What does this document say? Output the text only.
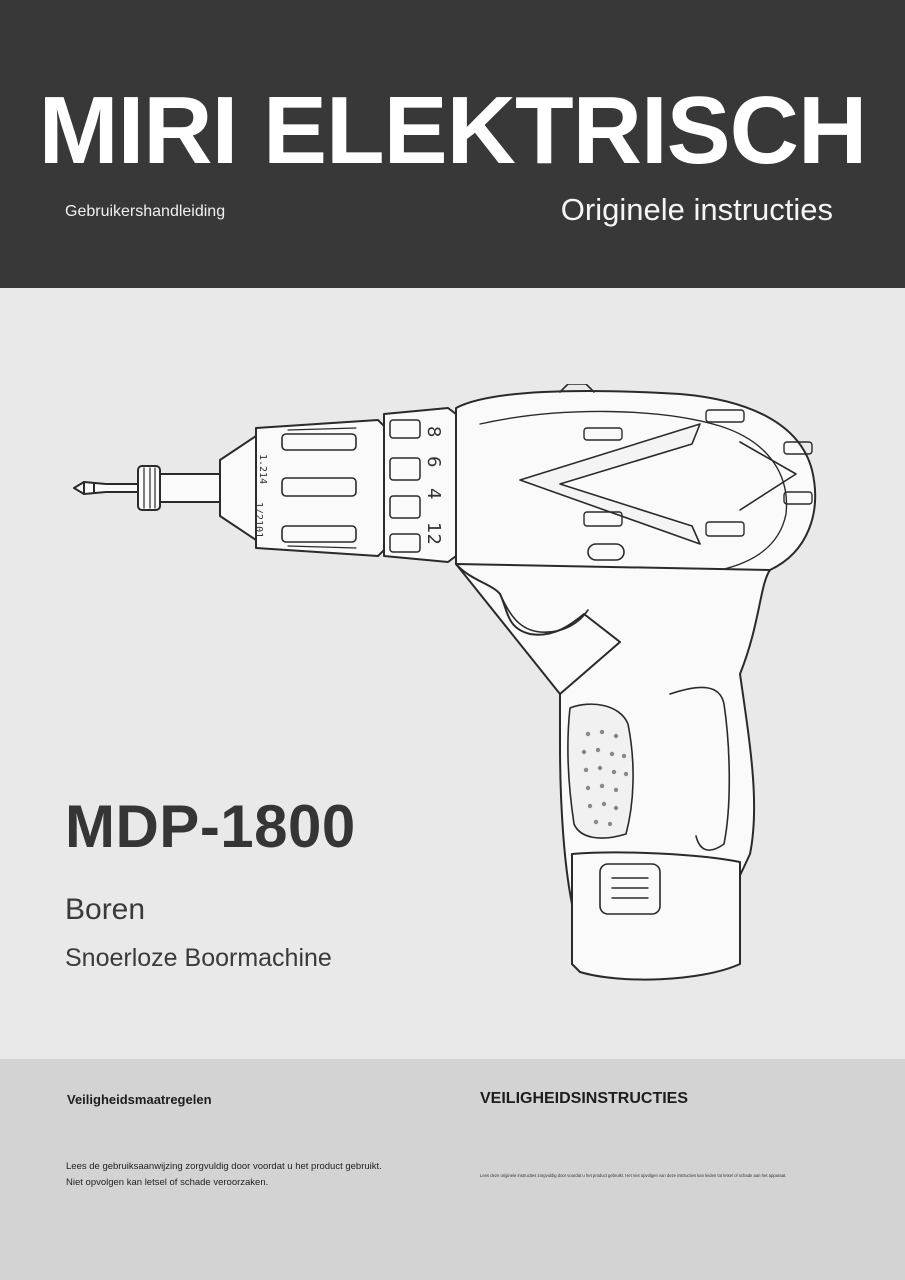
MIRI ELEKTRISCH
Gebruikershandleiding	Originele instructies
1.214
1/2101
8
6
4
12
MDP-1800
Boren
Snoerloze Boormachine
Veiligheidsmaatregelen	VEILIGHEIDSINSTRUCTIES
Lees de gebruiksaanwijzing zorgvuldig door voordat u het product gebruikt.
Niet opvolgen kan letsel of schade veroorzaken.
Lees deze originele instructies zorgvuldig door voordat u het product gebruikt. Het niet opvolgen van deze instructies kan leiden tot letsel of schade aan het apparaat.
